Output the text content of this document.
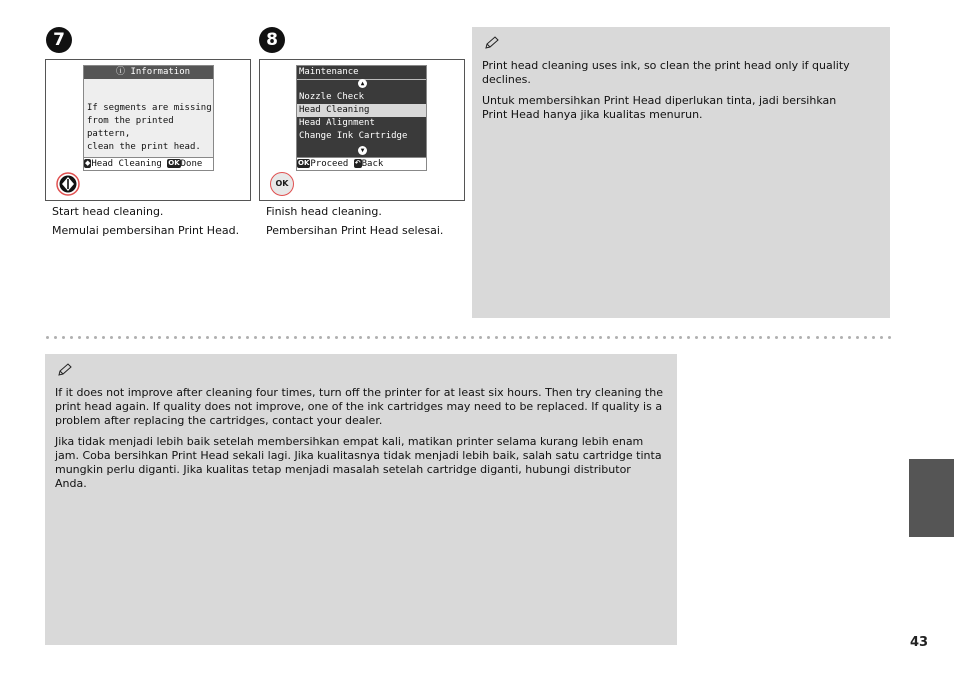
7
ⓘ Information
If segments are missing
from the printed pattern,
clean the print head.
◆Head Cleaning OKDone
Start head cleaning.
Memulai pembersihan Print Head.
8
Maintenance
▲
Nozzle Check
Head Cleaning
Head Alignment
Change Ink Cartridge
▼
OKProceed ↶Back
OK
Finish head cleaning.
Pembersihan Print Head selesai.

Print head cleaning uses ink, so clean the print head only if quality declines.

Untuk membersihkan Print Head diperlukan tinta, jadi bersihkan Print Head hanya jika kualitas menurun.

If it does not improve after cleaning four times, turn off the printer for at least six hours. Then try cleaning the print head again. If quality does not improve, one of the ink cartridges may need to be replaced. If quality is a problem after replacing the cartridges, contact your dealer.

Jika tidak menjadi lebih baik setelah membersihkan empat kali, matikan printer selama kurang lebih enam jam. Coba bersihkan Print Head sekali lagi. Jika kualitasnya tidak menjadi lebih baik, salah satu cartridge tinta mungkin perlu diganti. Jika kualitas tetap menjadi masalah setelah cartridge diganti, hubungi distributor Anda.

43
